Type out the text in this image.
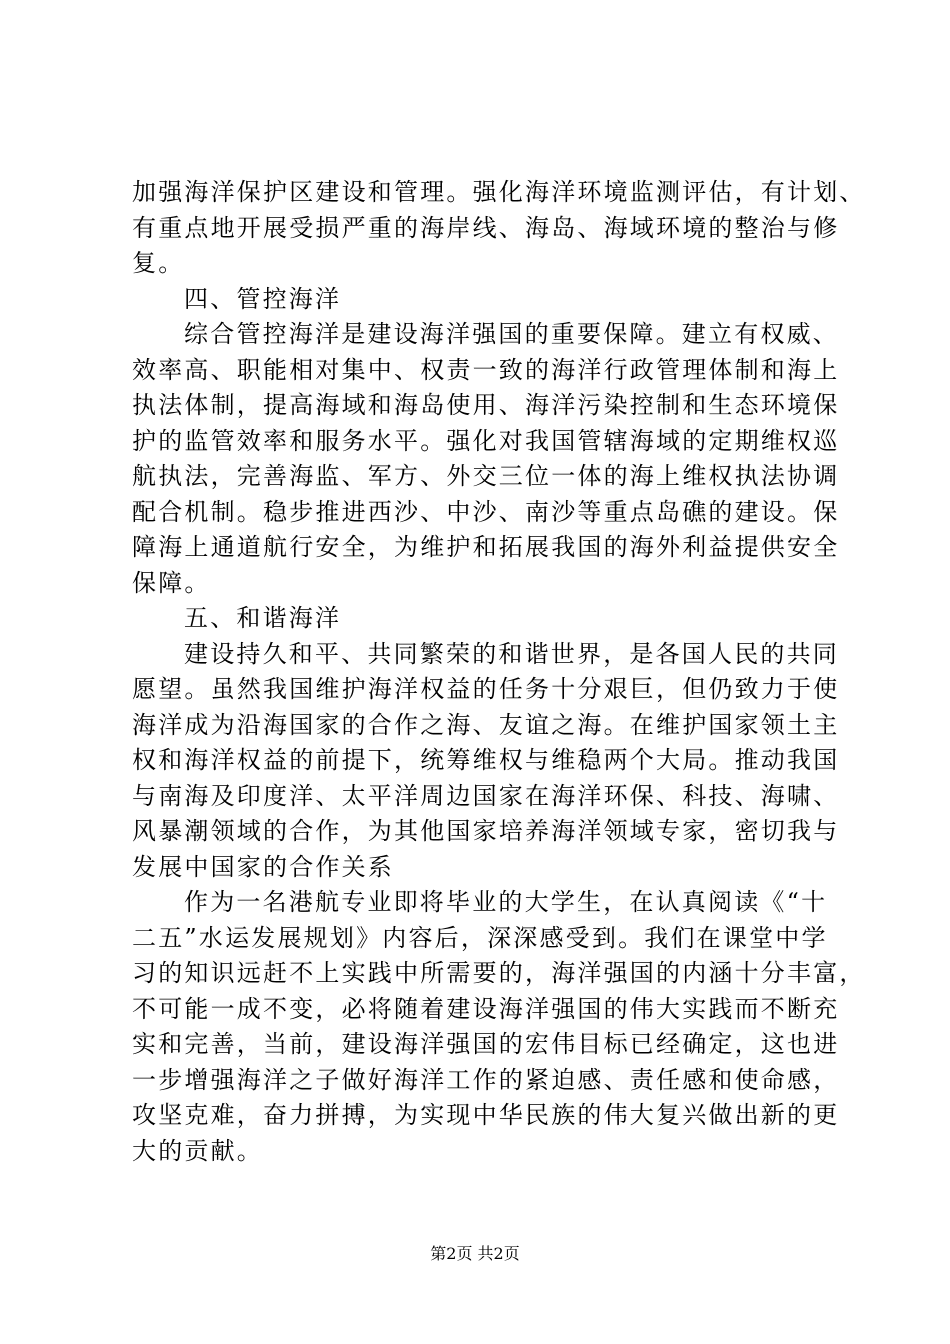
加强海洋保护区建设和管理。强化海洋环境监测评估，有计划、
有重点地开展受损严重的海岸线、海岛、海域环境的整治与修
复。
四、管控海洋
综合管控海洋是建设海洋强国的重要保障。建立有权威、
效率高、职能相对集中、权责一致的海洋行政管理体制和海上
执法体制，提高海域和海岛使用、海洋污染控制和生态环境保
护的监管效率和服务水平。强化对我国管辖海域的定期维权巡
航执法，完善海监、军方、外交三位一体的海上维权执法协调
配合机制。稳步推进西沙、中沙、南沙等重点岛礁的建设。保
障海上通道航行安全，为维护和拓展我国的海外利益提供安全
保障。
五、和谐海洋
建设持久和平、共同繁荣的和谐世界，是各国人民的共同
愿望。虽然我国维护海洋权益的任务十分艰巨，但仍致力于使
海洋成为沿海国家的合作之海、友谊之海。在维护国家领土主
权和海洋权益的前提下，统筹维权与维稳两个大局。推动我国
与南海及印度洋、太平洋周边国家在海洋环保、科技、海啸、
风暴潮领域的合作，为其他国家培养海洋领域专家，密切我与
发展中国家的合作关系
作为一名港航专业即将毕业的大学生，在认真阅读《“十
二五”水运发展规划》内容后，深深感受到。我们在课堂中学
习的知识远赶不上实践中所需要的，海洋强国的内涵十分丰富，
不可能一成不变，必将随着建设海洋强国的伟大实践而不断充
实和完善，当前，建设海洋强国的宏伟目标已经确定，这也进
一步增强海洋之子做好海洋工作的紧迫感、责任感和使命感，
攻坚克难，奋力拼搏，为实现中华民族的伟大复兴做出新的更
大的贡献。
第2页 共2页
